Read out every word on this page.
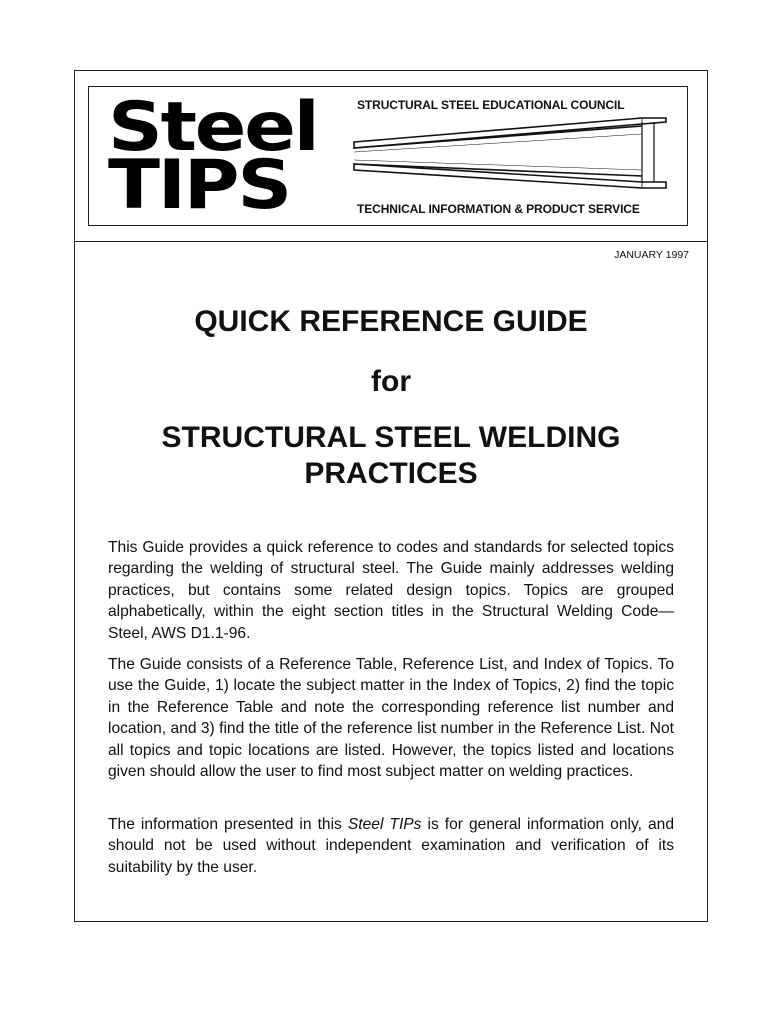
Steel
TIPS
STRUCTURAL STEEL EDUCATIONAL COUNCIL
TECHNICAL INFORMATION & PRODUCT SERVICE
JANUARY 1997
QUICK REFERENCE GUIDE
for
STRUCTURAL STEEL WELDING
PRACTICES

This Guide provides a quick reference to codes and standards for selected topics regarding the welding of structural steel. The Guide mainly addresses welding practices, but contains some related design topics. Topics are grouped alphabetically, within the eight section titles in the Structural Welding Code—Steel, AWS D1.1-96.

The Guide consists of a Reference Table, Reference List, and Index of Topics. To use the Guide, 1) locate the subject matter in the Index of Topics, 2) find the topic in the Reference Table and note the corresponding reference list number and location, and 3) find the title of the reference list number in the Reference List. Not all topics and topic locations are listed. However, the topics listed and locations given should allow the user to find most subject matter on welding practices.

The information presented in this Steel TIPs is for general information only, and should not be used without independent examination and verification of its suitability by the user.
